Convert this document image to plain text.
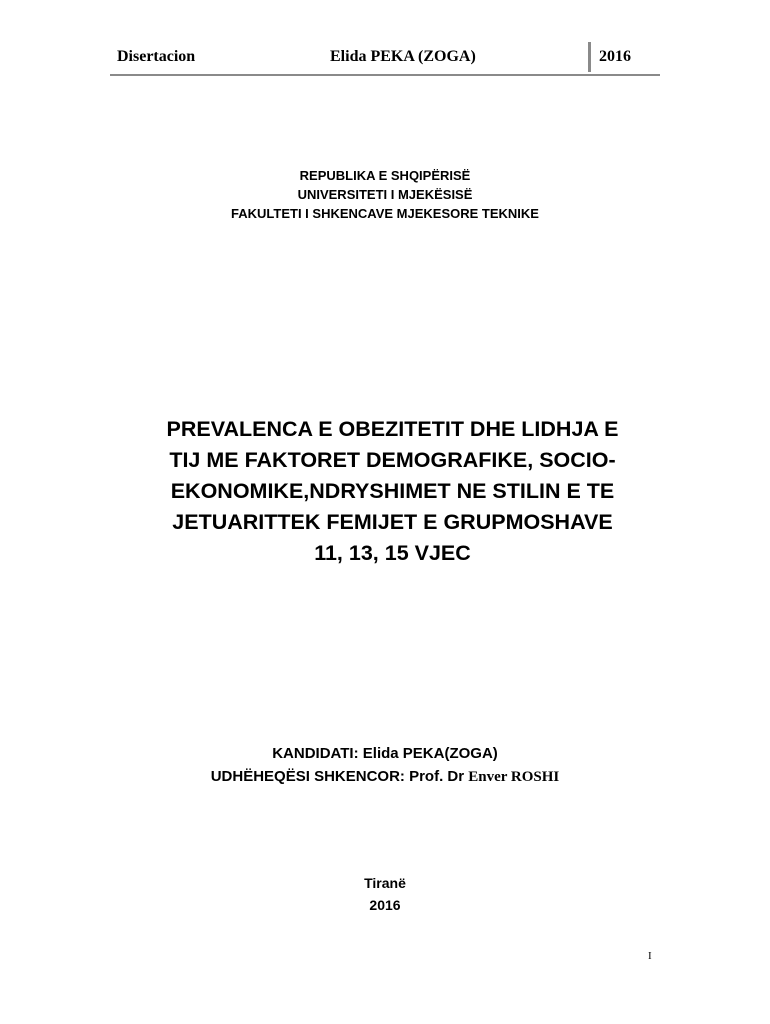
Disertacion	Elida PEKA (ZOGA)	2016
REPUBLIKA E SHQIPËRISË
UNIVERSITETI I MJEKËSISË
FAKULTETI I SHKENCAVE MJEKESORE TEKNIKE
PREVALENCA E OBEZITETIT DHE LIDHJA E
TIJ ME FAKTORET DEMOGRAFIKE, SOCIO-
EKONOMIKE,NDRYSHIMET NE STILIN E TE
JETUARITTEK FEMIJET E GRUPMOSHAVE
11, 13, 15 VJEC
KANDIDATI: Elida PEKA(ZOGA)
UDHËHEQËSI SHKENCOR: Prof. Dr Enver ROSHI
Tiranë
2016
I
